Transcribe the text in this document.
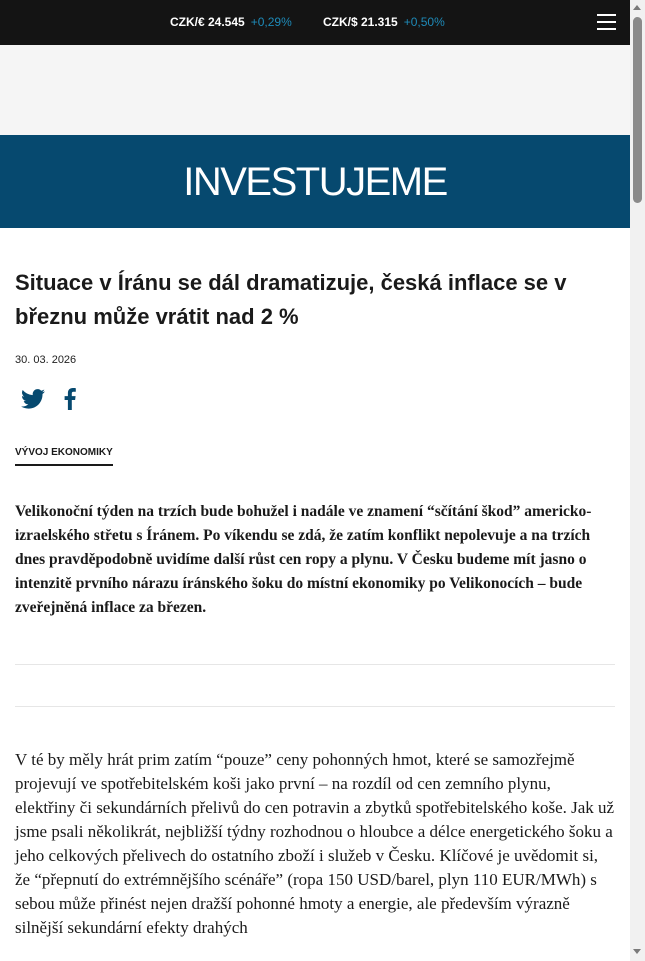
CZK/€ 24.545 +0,29%	CZK/$ 21.315 +0,50%
INVESTUJEME
Situace v Íránu se dál dramatizuje, česká inflace se v březnu může vrátit nad 2 %
30. 03. 2026
VÝVOJ EKONOMIKY

Velikonoční týden na trzích bude bohužel i nadále ve znamení “sčítání škod” americko-izraelského střetu s Íránem. Po víkendu se zdá, že zatím konflikt nepolevuje a na trzích dnes pravděpodobně uvidíme další růst cen ropy a plynu. V Česku budeme mít jasno o intenzitě prvního nárazu íránského šoku do místní ekonomiky po Velikonocích – bude zveřejněná inflace za březen.

V té by měly hrát prim zatím “pouze” ceny pohonných hmot, které se samozřejmě projevují ve spotřebitelském koši jako první – na rozdíl od cen zemního plynu, elektřiny či sekundárních přelivů do cen potravin a zbytků spotřebitelského koše. Jak už jsme psali několikrát, nejbližší týdny rozhodnou o hloubce a délce energetického šoku a jeho celkových přelivech do ostatního zboží i služeb v Česku. Klíčové je uvědomit si, že “přepnutí do extrémnějšího scénáře” (ropa 150 USD/barel, plyn 110 EUR/MWh) s sebou může přinést nejen dražší pohonné hmoty a energie, ale především výrazně silnější sekundární efekty drahých
